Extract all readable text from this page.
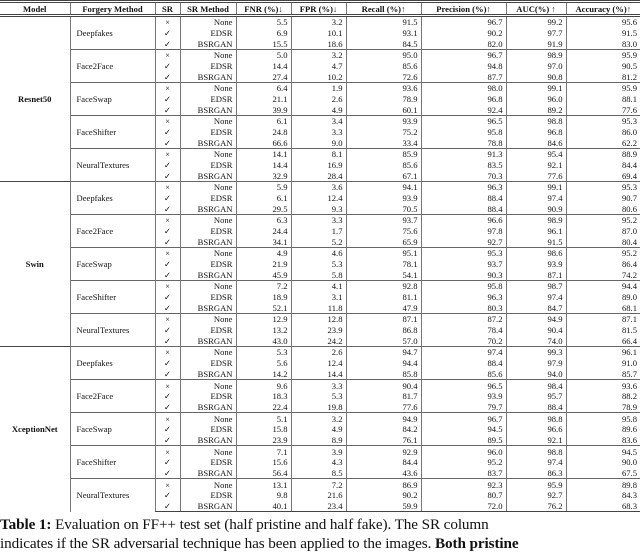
Model	Forgery Method	SR	SR Method	FNR (%)↓	FPR (%)↓	Recall (%)↑	Precision (%)↑	AUC(%) ↑	Accuracy (%)↑
Resnet50	Deepfakes	×	None	5.5	3.2	91.5	96.7	99.2	95.6
		✓	EDSR	6.9	10.1	93.1	90.2	97.7	91.5
		✓	BSRGAN	15.5	18.6	84.5	82.0	91.9	83.0
	Face2Face	×	None	5.0	3.2	95.0	96.7	98.9	95.9
		✓	EDSR	14.4	4.7	85.6	94.8	97.0	90.5
		✓	BSRGAN	27.4	10.2	72.6	87.7	90.8	81.2
	FaceSwap	×	None	6.4	1.9	93.6	98.0	99.1	95.9
		✓	EDSR	21.1	2.6	78.9	96.8	96.0	88.1
		✓	BSRGAN	39.9	4.9	60.1	92.4	89.2	77.6
	FaceShifter	×	None	6.1	3.4	93.9	96.5	98.8	95.3
		✓	EDSR	24.8	3.3	75.2	95.8	96.8	86.0
		✓	BSRGAN	66.6	9.0	33.4	78.8	84.6	62.2
	NeuralTextures	×	None	14.1	8.1	85.9	91.3	95.4	88.9
		✓	EDSR	14.4	16.9	85.6	83.5	92.1	84.4
		✓	BSRGAN	32.9	28.4	67.1	70.3	77.6	69.4
Swin	Deepfakes	×	None	5.9	3.6	94.1	96.3	99.1	95.3
		✓	EDSR	6.1	12.4	93.9	88.4	97.4	90.7
		✓	BSRGAN	29.5	9.3	70.5	88.4	90.9	80.6
	Face2Face	×	None	6.3	3.3	93.7	96.6	98.9	95.2
		✓	EDSR	24.4	1.7	75.6	97.8	96.1	87.0
		✓	BSRGAN	34.1	5.2	65.9	92.7	91.5	80.4
	FaceSwap	×	None	4.9	4.6	95.1	95.3	98.6	95.2
		✓	EDSR	21.9	5.3	78.1	93.7	93.9	86.4
		✓	BSRGAN	45.9	5.8	54.1	90.3	87.1	74.2
	FaceShifter	×	None	7.2	4.1	92.8	95.8	98.7	94.4
		✓	EDSR	18.9	3.1	81.1	96.3	97.4	89.0
		✓	BSRGAN	52.1	11.8	47.9	80.3	84.7	68.1
	NeuralTextures	×	None	12.9	12.8	87.1	87.2	94.9	87.1
		✓	EDSR	13.2	23.9	86.8	78.4	90.4	81.5
		✓	BSRGAN	43.0	24.2	57.0	70.2	74.0	66.4
XceptionNet	Deepfakes	×	None	5.3	2.6	94.7	97.4	99.3	96.1
		✓	EDSR	5.6	12.4	94.4	88.4	97.9	91.0
		✓	BSRGAN	14.2	14.4	85.8	85.6	94.0	85.7
	Face2Face	×	None	9.6	3.3	90.4	96.5	98.4	93.6
		✓	EDSR	18.3	5.3	81.7	93.9	95.7	88.2
		✓	BSRGAN	22.4	19.8	77.6	79.7	88.4	78.9
	FaceSwap	×	None	5.1	3.2	94.9	96.7	98.8	95.8
		✓	EDSR	15.8	4.9	84.2	94.5	96.6	89.6
		✓	BSRGAN	23.9	8.9	76.1	89.5	92.1	83.6
	FaceShifter	×	None	7.1	3.9	92.9	96.0	98.8	94.5
		✓	EDSR	15.6	4.3	84.4	95.2	97.4	90.0
		✓	BSRGAN	56.4	8.5	43.6	83.7	86.3	67.5
	NeuralTextures	×	None	13.1	7.2	86.9	92.3	95.9	89.8
		✓	EDSR	9.8	21.6	90.2	80.7	92.7	84.3
		✓	BSRGAN	40.1	23.4	59.9	72.0	76.2	68.3
Table 1: Evaluation on FF++ test set (half pristine and half fake). The SR column
indicates if the SR adversarial technique has been applied to the images. Both pristine
